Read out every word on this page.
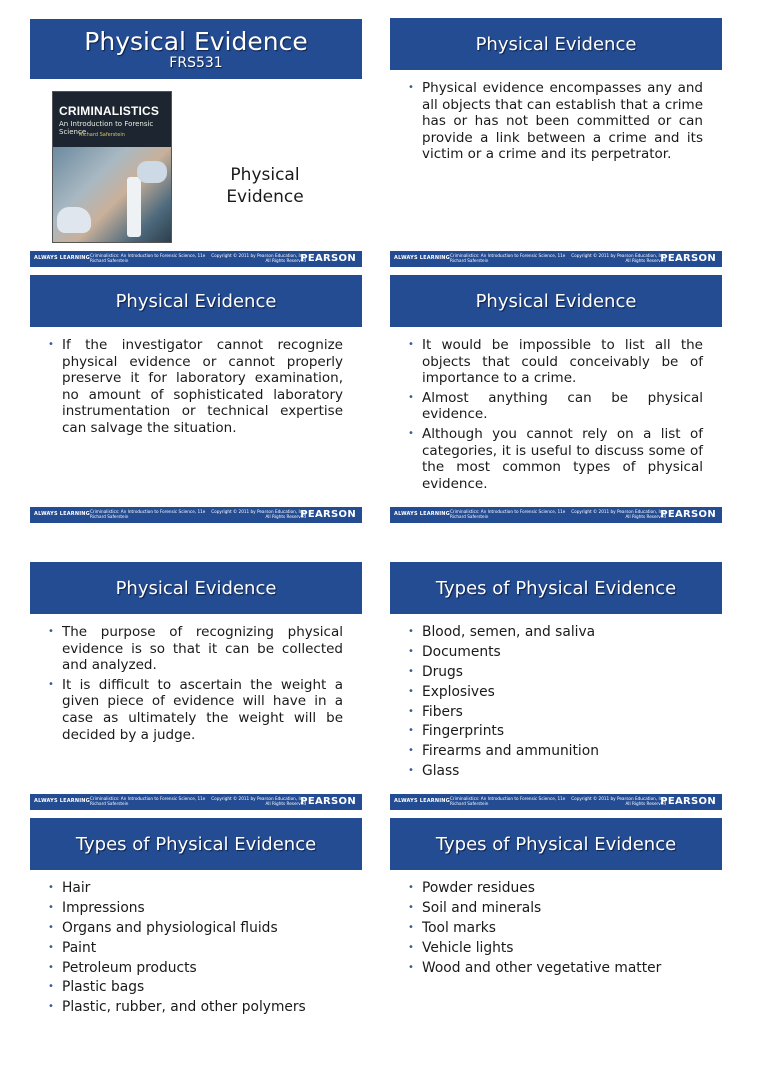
Physical Evidence
FRS531
CRIMINALISTICS
An Introduction to Forensic Science
Richard Saferstein
Physical Evidence
ALWAYS LEARNING Criminalistics: An Introduction to Forensic Science, 11e Richard Saferstein
Copyright © 2011 by Pearson Education, Inc. All Rights Reserved
PEARSON
Physical Evidence
• Physical evidence encompasses any and all objects that can establish that a crime has or has not been committed or can provide a link between a crime and its victim or a crime and its perpetrator.
ALWAYS LEARNING Criminalistics: An Introduction to Forensic Science, 11e Richard Saferstein
Copyright © 2011 by Pearson Education, Inc. All Rights Reserved
PEARSON
Physical Evidence
• If the investigator cannot recognize physical evidence or cannot properly preserve it for laboratory examination, no amount of sophisticated laboratory instrumentation or technical expertise can salvage the situation.
ALWAYS LEARNING Criminalistics: An Introduction to Forensic Science, 11e Richard Saferstein
Copyright © 2011 by Pearson Education, Inc. All Rights Reserved
PEARSON
Physical Evidence
• It would be impossible to list all the objects that could conceivably be of importance to a crime.
• Almost anything can be physical evidence.
• Although you cannot rely on a list of categories, it is useful to discuss some of the most common types of physical evidence.
ALWAYS LEARNING Criminalistics: An Introduction to Forensic Science, 11e Richard Saferstein
Copyright © 2011 by Pearson Education, Inc. All Rights Reserved
PEARSON
Physical Evidence
• The purpose of recognizing physical evidence is so that it can be collected and analyzed.
• It is difficult to ascertain the weight a given piece of evidence will have in a case as ultimately the weight will be decided by a judge.
ALWAYS LEARNING Criminalistics: An Introduction to Forensic Science, 11e Richard Saferstein
Copyright © 2011 by Pearson Education, Inc. All Rights Reserved
PEARSON
Types of Physical Evidence
• Blood, semen, and saliva
• Documents
• Drugs
• Explosives
• Fibers
• Fingerprints
• Firearms and ammunition
• Glass
ALWAYS LEARNING Criminalistics: An Introduction to Forensic Science, 11e Richard Saferstein
Copyright © 2011 by Pearson Education, Inc. All Rights Reserved
PEARSON
Types of Physical Evidence
• Hair
• Impressions
• Organs and physiological fluids
• Paint
• Petroleum products
• Plastic bags
• Plastic, rubber, and other polymers
Types of Physical Evidence
• Powder residues
• Soil and minerals
• Tool marks
• Vehicle lights
• Wood and other vegetative matter
